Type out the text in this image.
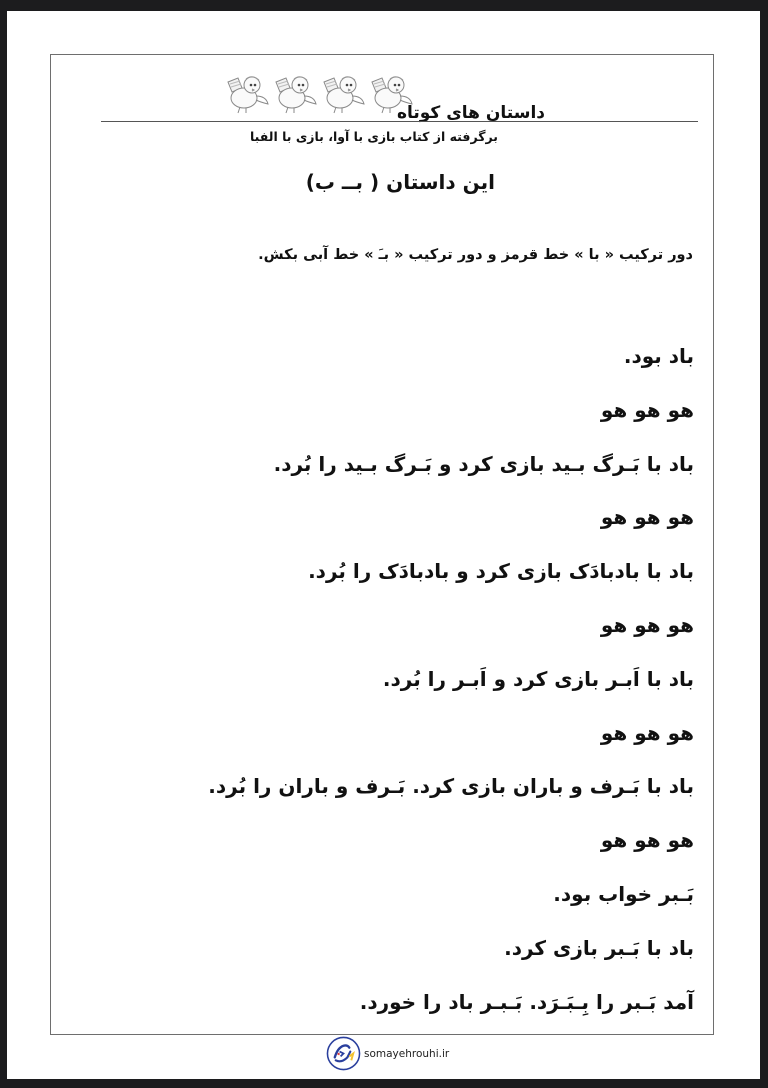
داستان های کوتاه
برگرفته از کتاب بازی با آوا، بازی با الفبا
این داستان ( بــ ب)
دور ترکیب « با » خط قرمز و دور ترکیب « بـَ » خط آبی بکش.
باد بود.
هو هو هو
باد با بَـرگ بـید بازی کرد و بَـرگ بـید را بُرد.
هو هو هو
باد با بادبادَک بازی کرد و بادبادَک را بُرد.
هو هو هو
باد با اَبـر بازی کرد و اَبـر را بُرد.
هو هو هو
باد با بَـرف و باران بازی کرد. بَـرف و باران را بُرد.
هو هو هو
بَـبر خواب بود.
باد با بَـبر بازی کرد.
آمد بَـبر را بِـبَـرَد. بَـبـر باد را خورد.
somayehrouhi.ir
